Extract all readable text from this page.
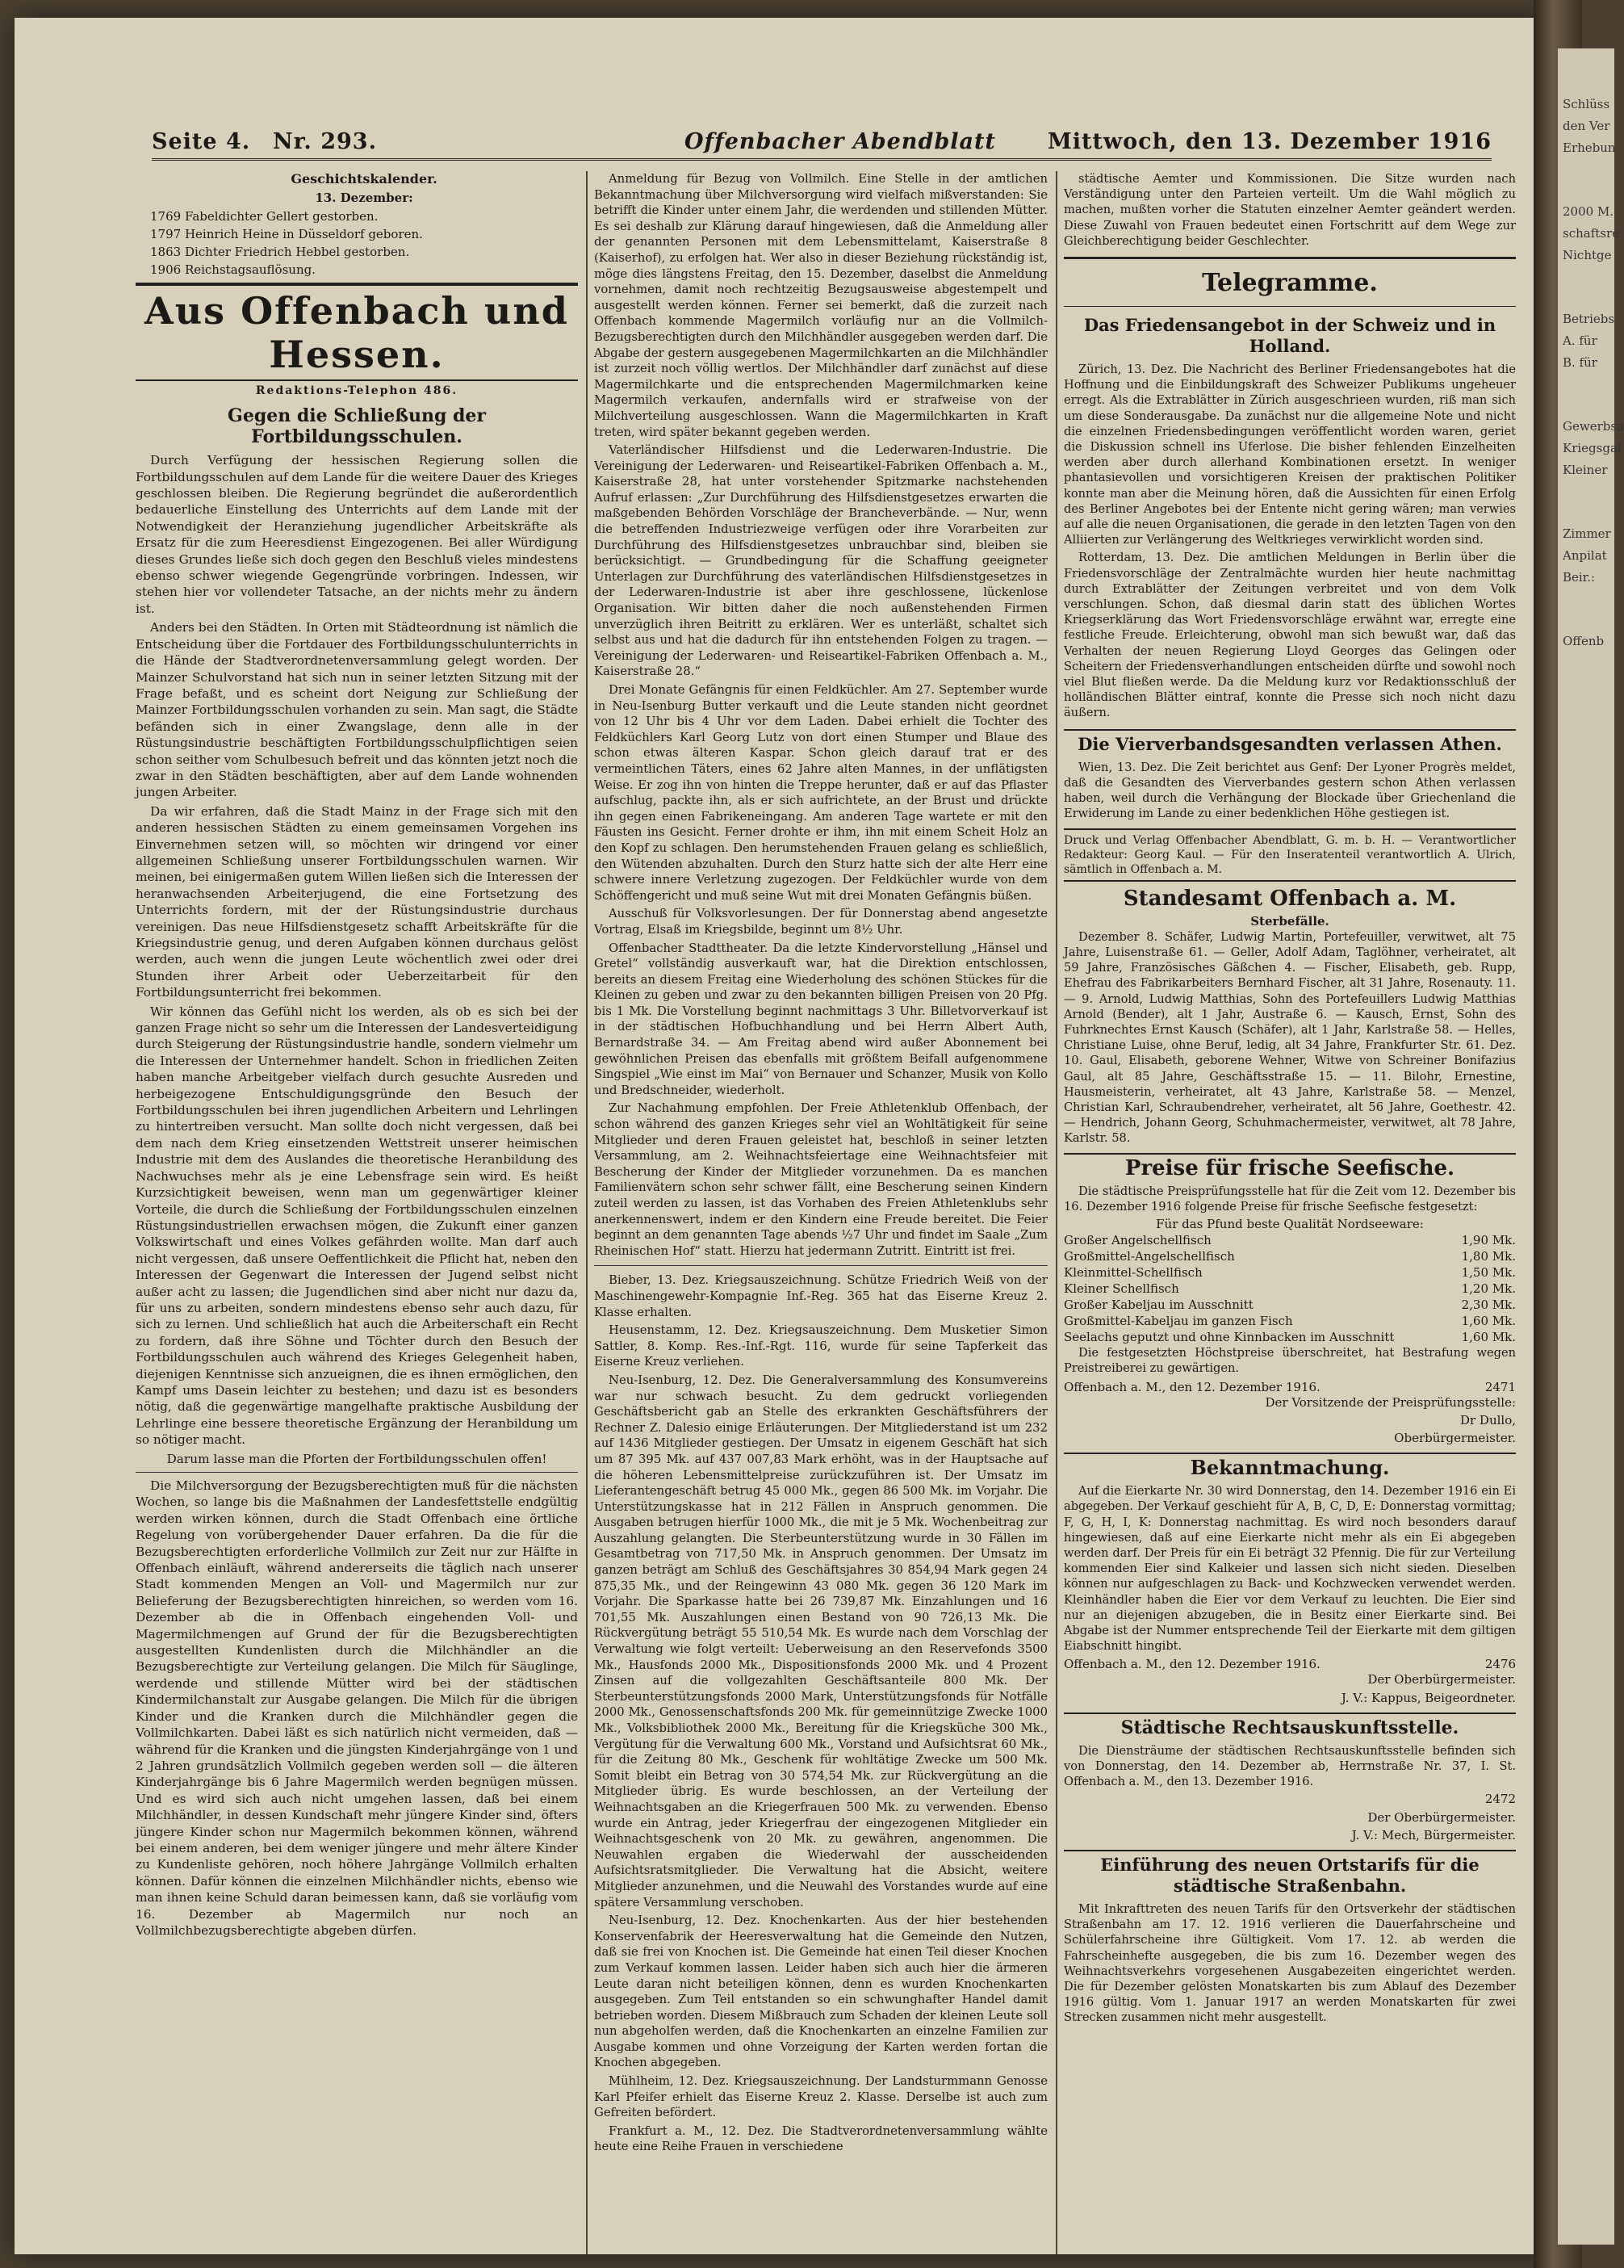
Seite 4. Nr. 293.	Offenbacher Abendblatt Mittwoch, den 13. Dezember 1916

Geschichtskalender.

13. Dezember:

1769 Fabeldichter Gellert gestorben.

1797 Heinrich Heine in Düsseldorf geboren.

1863 Dichter Friedrich Hebbel gestorben.

1906 Reichstagsauflösung.

Aus Offenbach und Hessen.
Redaktions-Telephon 486.
Gegen die Schließung der Fortbildungsschulen.

Durch Verfügung der hessischen Regierung sollen die Fortbildungsschulen auf dem Lande für die weitere Dauer des Krieges geschlossen bleiben. Die Regierung begründet die außerordentlich bedauerliche Einstellung des Unterrichts auf dem Lande mit der Notwendigkeit der Heranziehung jugendlicher Arbeitskräfte als Ersatz für die zum Heeresdienst Eingezogenen. Bei aller Würdigung dieses Grundes ließe sich doch gegen den Beschluß vieles mindestens ebenso schwer wiegende Gegengründe vorbringen. Indessen, wir stehen hier vor vollendeter Tatsache, an der nichts mehr zu ändern ist.

Anders bei den Städten. In Orten mit Städteordnung ist nämlich die Entscheidung über die Fortdauer des Fortbildungsschulunterrichts in die Hände der Stadtverordnetenversammlung gelegt worden. Der Mainzer Schulvorstand hat sich nun in seiner letzten Sitzung mit der Frage befaßt, und es scheint dort Neigung zur Schließung der Mainzer Fortbildungsschulen vorhanden zu sein. Man sagt, die Städte befänden sich in einer Zwangslage, denn alle in der Rüstungsindustrie beschäftigten Fortbildungsschulpflichtigen seien schon seither vom Schulbesuch befreit und das könnten jetzt noch die zwar in den Städten beschäftigten, aber auf dem Lande wohnenden jungen Arbeiter.

Da wir erfahren, daß die Stadt Mainz in der Frage sich mit den anderen hessischen Städten zu einem gemeinsamen Vorgehen ins Einvernehmen setzen will, so möchten wir dringend vor einer allgemeinen Schließung unserer Fortbildungsschulen warnen. Wir meinen, bei einigermaßen gutem Willen ließen sich die Interessen der heranwachsenden Arbeiterjugend, die eine Fortsetzung des Unterrichts fordern, mit der der Rüstungsindustrie durchaus vereinigen. Das neue Hilfsdienstgesetz schafft Arbeitskräfte für die Kriegsindustrie genug, und deren Aufgaben können durchaus gelöst werden, auch wenn die jungen Leute wöchentlich zwei oder drei Stunden ihrer Arbeit oder Ueberzeitarbeit für den Fortbildungsunterricht frei bekommen.

Wir können das Gefühl nicht los werden, als ob es sich bei der ganzen Frage nicht so sehr um die Interessen der Landesverteidigung durch Steigerung der Rüstungsindustrie handle, sondern vielmehr um die Interessen der Unternehmer handelt. Schon in friedlichen Zeiten haben manche Arbeitgeber vielfach durch gesuchte Ausreden und herbeigezogene Entschuldigungsgründe den Besuch der Fortbildungsschulen bei ihren jugendlichen Arbeitern und Lehrlingen zu hintertreiben versucht. Man sollte doch nicht vergessen, daß bei dem nach dem Krieg einsetzenden Wettstreit unserer heimischen Industrie mit dem des Auslandes die theoretische Heranbildung des Nachwuchses mehr als je eine Lebensfrage sein wird. Es heißt Kurzsichtigkeit beweisen, wenn man um gegenwärtiger kleiner Vorteile, die durch die Schließung der Fortbildungsschulen einzelnen Rüstungsindustriellen erwachsen mögen, die Zukunft einer ganzen Volkswirtschaft und eines Volkes gefährden wollte. Man darf auch nicht vergessen, daß unsere Oeffentlichkeit die Pflicht hat, neben den Interessen der Gegenwart die Interessen der Jugend selbst nicht außer acht zu lassen; die Jugendlichen sind aber nicht nur dazu da, für uns zu arbeiten, sondern mindestens ebenso sehr auch dazu, für sich zu lernen. Und schließlich hat auch die Arbeiterschaft ein Recht zu fordern, daß ihre Söhne und Töchter durch den Besuch der Fortbildungsschulen auch während des Krieges Gelegenheit haben, diejenigen Kenntnisse sich anzueignen, die es ihnen ermöglichen, den Kampf ums Dasein leichter zu bestehen; und dazu ist es besonders nötig, daß die gegenwärtige mangelhafte praktische Ausbildung der Lehrlinge eine bessere theoretische Ergänzung der Heranbildung um so nötiger macht.

Darum lasse man die Pforten der Fortbildungsschulen offen!

Die Milchversorgung der Bezugsberechtigten muß für die nächsten Wochen, so lange bis die Maßnahmen der Landesfettstelle endgültig werden wirken können, durch die Stadt Offenbach eine örtliche Regelung von vorübergehender Dauer erfahren. Da die für die Bezugsberechtigten erforderliche Vollmilch zur Zeit nur zur Hälfte in Offenbach einläuft, während andererseits die täglich nach unserer Stadt kommenden Mengen an Voll- und Magermilch nur zur Belieferung der Bezugsberechtigten hinreichen, so werden vom 16. Dezember ab die in Offenbach eingehenden Voll- und Magermilchmengen auf Grund der für die Bezugsberechtigten ausgestellten Kundenlisten durch die Milchhändler an die Bezugsberechtigte zur Verteilung gelangen. Die Milch für Säuglinge, werdende und stillende Mütter wird bei der städtischen Kindermilchanstalt zur Ausgabe gelangen. Die Milch für die übrigen Kinder und die Kranken durch die Milchhändler gegen die Vollmilchkarten. Dabei läßt es sich natürlich nicht vermeiden, daß — während für die Kranken und die jüngsten Kinderjahrgänge von 1 und 2 Jahren grundsätzlich Vollmilch gegeben werden soll — die älteren Kinderjahrgänge bis 6 Jahre Magermilch werden begnügen müssen. Und es wird sich auch nicht umgehen lassen, daß bei einem Milchhändler, in dessen Kundschaft mehr jüngere Kinder sind, öfters jüngere Kinder schon nur Magermilch bekommen können, während bei einem anderen, bei dem weniger jüngere und mehr ältere Kinder zu Kundenliste gehören, noch höhere Jahrgänge Vollmilch erhalten können. Dafür können die einzelnen Milchhändler nichts, ebenso wie man ihnen keine Schuld daran beimessen kann, daß sie vorläufig vom 16. Dezember ab Magermilch nur noch an Vollmilchbezugsberechtigte abgeben dürfen.

Anmeldung für Bezug von Vollmilch. Eine Stelle in der amtlichen Bekanntmachung über Milchversorgung wird vielfach mißverstanden: Sie betrifft die Kinder unter einem Jahr, die werdenden und stillenden Mütter. Es sei deshalb zur Klärung darauf hingewiesen, daß die Anmeldung aller der genannten Personen mit dem Lebensmittelamt, Kaiserstraße 8 (Kaiserhof), zu erfolgen hat. Wer also in dieser Beziehung rückständig ist, möge dies längstens Freitag, den 15. Dezember, daselbst die Anmeldung vornehmen, damit noch rechtzeitig Bezugsausweise abgestempelt und ausgestellt werden können. Ferner sei bemerkt, daß die zurzeit nach Offenbach kommende Magermilch vorläufig nur an die Vollmilch-Bezugsberechtigten durch den Milchhändler ausgegeben werden darf. Die Abgabe der gestern ausgegebenen Magermilchkarten an die Milchhändler ist zurzeit noch völlig wertlos. Der Milchhändler darf zunächst auf diese Magermilchkarte und die entsprechenden Magermilchmarken keine Magermilch verkaufen, andernfalls wird er strafweise von der Milchverteilung ausgeschlossen. Wann die Magermilchkarten in Kraft treten, wird später bekannt gegeben werden.

Vaterländischer Hilfsdienst und die Lederwaren-Industrie. Die Vereinigung der Lederwaren- und Reiseartikel-Fabriken Offenbach a. M., Kaiserstraße 28, hat unter vorstehender Spitzmarke nachstehenden Aufruf erlassen: „Zur Durchführung des Hilfsdienstgesetzes erwarten die maßgebenden Behörden Vorschläge der Brancheverbände. — Nur, wenn die betreffenden Industriezweige verfügen oder ihre Vorarbeiten zur Durchführung des Hilfsdienstgesetzes unbrauchbar sind, bleiben sie berücksichtigt. — Grundbedingung für die Schaffung geeigneter Unterlagen zur Durchführung des vaterländischen Hilfsdienstgesetzes in der Lederwaren-Industrie ist aber ihre geschlossene, lückenlose Organisation. Wir bitten daher die noch außenstehenden Firmen unverzüglich ihren Beitritt zu erklären. Wer es unterläßt, schaltet sich selbst aus und hat die dadurch für ihn entstehenden Folgen zu tragen. — Vereinigung der Lederwaren- und Reiseartikel-Fabriken Offenbach a. M., Kaiserstraße 28.“

Drei Monate Gefängnis für einen Feldküchler. Am 27. September wurde in Neu-Isenburg Butter verkauft und die Leute standen nicht geordnet von 12 Uhr bis 4 Uhr vor dem Laden. Dabei erhielt die Tochter des Feldküchlers Karl Georg Lutz von dort einen Stumper und Blaue des schon etwas älteren Kaspar. Schon gleich darauf trat er des vermeintlichen Täters, eines 62 Jahre alten Mannes, in der unflätigsten Weise. Er zog ihn von hinten die Treppe herunter, daß er auf das Pflaster aufschlug, packte ihn, als er sich aufrichtete, an der Brust und drückte ihn gegen einen Fabrikeneingang. Am anderen Tage wartete er mit den Fäusten ins Gesicht. Ferner drohte er ihm, ihn mit einem Scheit Holz an den Kopf zu schlagen. Den herumstehenden Frauen gelang es schließlich, den Wütenden abzuhalten. Durch den Sturz hatte sich der alte Herr eine schwere innere Verletzung zugezogen. Der Feldküchler wurde von dem Schöffengericht und muß seine Wut mit drei Monaten Gefängnis büßen.

Ausschuß für Volksvorlesungen. Der für Donnerstag abend angesetzte Vortrag, Elsaß im Kriegsbilde, beginnt um 8½ Uhr.

Offenbacher Stadttheater. Da die letzte Kindervorstellung „Hänsel und Gretel“ vollständig ausverkauft war, hat die Direktion entschlossen, bereits an diesem Freitag eine Wiederholung des schönen Stückes für die Kleinen zu geben und zwar zu den bekannten billigen Preisen von 20 Pfg. bis 1 Mk. Die Vorstellung beginnt nachmittags 3 Uhr. Billetvorverkauf ist in der städtischen Hofbuchhandlung und bei Herrn Albert Auth, Bernardstraße 34. — Am Freitag abend wird außer Abonnement bei gewöhnlichen Preisen das ebenfalls mit größtem Beifall aufgenommene Singspiel „Wie einst im Mai“ von Bernauer und Schanzer, Musik von Kollo und Bredschneider, wiederholt.

Zur Nachahmung empfohlen. Der Freie Athletenklub Offenbach, der schon während des ganzen Krieges sehr viel an Wohltätigkeit für seine Mitglieder und deren Frauen geleistet hat, beschloß in seiner letzten Versammlung, am 2. Weihnachtsfeiertage eine Weihnachtsfeier mit Bescherung der Kinder der Mitglieder vorzunehmen. Da es manchen Familienvätern schon sehr schwer fällt, eine Bescherung seinen Kindern zuteil werden zu lassen, ist das Vorhaben des Freien Athletenklubs sehr anerkennenswert, indem er den Kindern eine Freude bereitet. Die Feier beginnt an dem genannten Tage abends ½7 Uhr und findet im Saale „Zum Rheinischen Hof“ statt. Hierzu hat jedermann Zutritt. Eintritt ist frei.

Bieber, 13. Dez. Kriegsauszeichnung. Schütze Friedrich Weiß von der Maschinengewehr-Kompagnie Inf.-Reg. 365 hat das Eiserne Kreuz 2. Klasse erhalten.

Heusenstamm, 12. Dez. Kriegsauszeichnung. Dem Musketier Simon Sattler, 8. Komp. Res.-Inf.-Rgt. 116, wurde für seine Tapferkeit das Eiserne Kreuz verliehen.

Neu-Isenburg, 12. Dez. Die Generalversammlung des Konsumvereins war nur schwach besucht. Zu dem gedruckt vorliegenden Geschäftsbericht gab an Stelle des erkrankten Geschäftsführers der Rechner Z. Dalesio einige Erläuterungen. Der Mitgliederstand ist um 232 auf 1436 Mitglieder gestiegen. Der Umsatz in eigenem Geschäft hat sich um 87 395 Mk. auf 437 007,83 Mark erhöht, was in der Hauptsache auf die höheren Lebensmittelpreise zurückzuführen ist. Der Umsatz im Lieferantengeschäft betrug 45 000 Mk., gegen 86 500 Mk. im Vorjahr. Die Unterstützungskasse hat in 212 Fällen in Anspruch genommen. Die Ausgaben betrugen hierfür 1000 Mk., die mit je 5 Mk. Wochenbeitrag zur Auszahlung gelangten. Die Sterbeunterstützung wurde in 30 Fällen im Gesamtbetrag von 717,50 Mk. in Anspruch genommen. Der Umsatz im ganzen beträgt am Schluß des Geschäftsjahres 30 854,94 Mark gegen 24 875,35 Mk., und der Reingewinn 43 080 Mk. gegen 36 120 Mark im Vorjahr. Die Sparkasse hatte bei 26 739,87 Mk. Einzahlungen und 16 701,55 Mk. Auszahlungen einen Bestand von 90 726,13 Mk. Die Rückvergütung beträgt 55 510,54 Mk. Es wurde nach dem Vorschlag der Verwaltung wie folgt verteilt: Ueberweisung an den Reservefonds 3500 Mk., Hausfonds 2000 Mk., Dispositionsfonds 2000 Mk. und 4 Prozent Zinsen auf die vollgezahlten Geschäftsanteile 800 Mk. Der Sterbeunterstützungsfonds 2000 Mark, Unterstützungsfonds für Notfälle 2000 Mk., Genossenschaftsfonds 200 Mk. für gemeinnützige Zwecke 1000 Mk., Volksbibliothek 2000 Mk., Bereitung für die Kriegsküche 300 Mk., Vergütung für die Verwaltung 600 Mk., Vorstand und Aufsichtsrat 60 Mk., für die Zeitung 80 Mk., Geschenk für wohltätige Zwecke um 500 Mk. Somit bleibt ein Betrag von 30 574,54 Mk. zur Rückvergütung an die Mitglieder übrig. Es wurde beschlossen, an der Verteilung der Weihnachtsgaben an die Kriegerfrauen 500 Mk. zu verwenden. Ebenso wurde ein Antrag, jeder Kriegerfrau der eingezogenen Mitglieder ein Weihnachtsgeschenk von 20 Mk. zu gewähren, angenommen. Die Neuwahlen ergaben die Wiederwahl der ausscheidenden Aufsichtsratsmitglieder. Die Verwaltung hat die Absicht, weitere Mitglieder anzunehmen, und die Neuwahl des Vorstandes wurde auf eine spätere Versammlung verschoben.

Neu-Isenburg, 12. Dez. Knochenkarten. Aus der hier bestehenden Konservenfabrik der Heeresverwaltung hat die Gemeinde den Nutzen, daß sie frei von Knochen ist. Die Gemeinde hat einen Teil dieser Knochen zum Verkauf kommen lassen. Leider haben sich auch hier die ärmeren Leute daran nicht beteiligen können, denn es wurden Knochenkarten ausgegeben. Zum Teil entstanden so ein schwunghafter Handel damit betrieben worden. Diesem Mißbrauch zum Schaden der kleinen Leute soll nun abgeholfen werden, daß die Knochenkarten an einzelne Familien zur Ausgabe kommen und ohne Vorzeigung der Karten werden fortan die Knochen abgegeben.

Mühlheim, 12. Dez. Kriegsauszeichnung. Der Landsturmmann Genosse Karl Pfeifer erhielt das Eiserne Kreuz 2. Klasse. Derselbe ist auch zum Gefreiten befördert.

Frankfurt a. M., 12. Dez. Die Stadtverordnetenversammlung wählte heute eine Reihe Frauen in verschiedene

städtische Aemter und Kommissionen. Die Sitze wurden nach Verständigung unter den Parteien verteilt. Um die Wahl möglich zu machen, mußten vorher die Statuten einzelner Aemter geändert werden. Diese Zuwahl von Frauen bedeutet einen Fortschritt auf dem Wege zur Gleichberechtigung beider Geschlechter.

Telegramme.
Das Friedensangebot in der Schweiz und in Holland.

Zürich, 13. Dez. Die Nachricht des Berliner Friedensangebotes hat die Hoffnung und die Einbildungskraft des Schweizer Publikums ungeheuer erregt. Als die Extrablätter in Zürich ausgeschrieen wurden, riß man sich um diese Sonderausgabe. Da zunächst nur die allgemeine Note und nicht die einzelnen Friedensbedingungen veröffentlicht worden waren, geriet die Diskussion schnell ins Uferlose. Die bisher fehlenden Einzelheiten werden aber durch allerhand Kombinationen ersetzt. In weniger phantasievollen und vorsichtigeren Kreisen der praktischen Politiker konnte man aber die Meinung hören, daß die Aussichten für einen Erfolg des Berliner Angebotes bei der Entente nicht gering wären; man verwies auf alle die neuen Organisationen, die gerade in den letzten Tagen von den Alliierten zur Verlängerung des Weltkrieges verwirklicht worden sind.

Rotterdam, 13. Dez. Die amtlichen Meldungen in Berlin über die Friedensvorschläge der Zentralmächte wurden hier heute nachmittag durch Extrablätter der Zeitungen verbreitet und von dem Volk verschlungen. Schon, daß diesmal darin statt des üblichen Wortes Kriegserklärung das Wort Friedensvorschläge erwähnt war, erregte eine festliche Freude. Erleichterung, obwohl man sich bewußt war, daß das Verhalten der neuen Regierung Lloyd Georges das Gelingen oder Scheitern der Friedensverhandlungen entscheiden dürfte und sowohl noch viel Blut fließen werde. Da die Meldung kurz vor Redaktionsschluß der holländischen Blätter eintraf, konnte die Presse sich noch nicht dazu äußern.

Die Vierverbandsgesandten verlassen Athen.

Wien, 13. Dez. Die Zeit berichtet aus Genf: Der Lyoner Progrès meldet, daß die Gesandten des Vierverbandes gestern schon Athen verlassen haben, weil durch die Verhängung der Blockade über Griechenland die Erwiderung im Lande zu einer bedenklichen Höhe gestiegen ist.

Druck und Verlag Offenbacher Abendblatt, G. m. b. H. — Verantwortlicher Redakteur: Georg Kaul. — Für den Inseratenteil verantwortlich A. Ulrich, sämtlich in Offenbach a. M.
Standesamt Offenbach a. M.
Sterbefälle.

Dezember 8. Schäfer, Ludwig Martin, Portefeuiller, verwitwet, alt 75 Jahre, Luisenstraße 61. — Geller, Adolf Adam, Taglöhner, verheiratet, alt 59 Jahre, Französisches Gäßchen 4. — Fischer, Elisabeth, geb. Rupp, Ehefrau des Fabrikarbeiters Bernhard Fischer, alt 31 Jahre, Rosenauty. 11. — 9. Arnold, Ludwig Matthias, Sohn des Portefeuillers Ludwig Matthias Arnold (Bender), alt 1 Jahr, Austraße 6. — Kausch, Ernst, Sohn des Fuhrknechtes Ernst Kausch (Schäfer), alt 1 Jahr, Karlstraße 58. — Helles, Christiane Luise, ohne Beruf, ledig, alt 34 Jahre, Frankfurter Str. 61. Dez. 10. Gaul, Elisabeth, geborene Wehner, Witwe von Schreiner Bonifazius Gaul, alt 85 Jahre, Geschäftsstraße 15. — 11. Bilohr, Ernestine, Hausmeisterin, verheiratet, alt 43 Jahre, Karlstraße 58. — Menzel, Christian Karl, Schraubendreher, verheiratet, alt 56 Jahre, Goethestr. 42. — Hendrich, Johann Georg, Schuhmachermeister, verwitwet, alt 78 Jahre, Karlstr. 58.

Preise für frische Seefische.

Die städtische Preisprüfungsstelle hat für die Zeit vom 12. Dezember bis 16. Dezember 1916 folgende Preise für frische Seefische festgesetzt:

Für das Pfund beste Qualität Nordseeware:
Großer Angelschellfisch	1,90 Mk.
Großmittel-Angelschellfisch	1,80 Mk.
Kleinmittel-Schellfisch	1,50 Mk.
Kleiner Schellfisch	1,20 Mk.
Großer Kabeljau im Ausschnitt	2,30 Mk.
Großmittel-Kabeljau im ganzen Fisch	1,60 Mk.
Seelachs geputzt und ohne Kinnbacken im Ausschnitt	1,60 Mk.

Die festgesetzten Höchstpreise überschreitet, hat Bestrafung wegen Preistreiberei zu gewärtigen.

Offenbach a. M., den 12. Dezember 1916.	2471

Der Vorsitzende der Preisprüfungsstelle:

Dr Dullo,

Oberbürgermeister.

Bekanntmachung.

Auf die Eierkarte Nr. 30 wird Donnerstag, den 14. Dezember 1916 ein Ei abgegeben. Der Verkauf geschieht für A, B, C, D, E: Donnerstag vormittag; F, G, H, I, K: Donnerstag nachmittag. Es wird noch besonders darauf hingewiesen, daß auf eine Eierkarte nicht mehr als ein Ei abgegeben werden darf. Der Preis für ein Ei beträgt 32 Pfennig. Die für zur Verteilung kommenden Eier sind Kalkeier und lassen sich nicht sieden. Dieselben können nur aufgeschlagen zu Back- und Kochzwecken verwendet werden. Kleinhändler haben die Eier vor dem Verkauf zu leuchten. Die Eier sind nur an diejenigen abzugeben, die in Besitz einer Eierkarte sind. Bei Abgabe ist der Nummer entsprechende Teil der Eierkarte mit dem giltigen Eiabschnitt hingibt.

Offenbach a. M., den 12. Dezember 1916.	2476

Der Oberbürgermeister.

J. V.: Kappus, Beigeordneter.

Städtische Rechtsauskunftsstelle.

Die Diensträume der städtischen Rechtsauskunftsstelle befinden sich von Donnerstag, den 14. Dezember ab, Herrnstraße Nr. 37, I. St. Offenbach a. M., den 13. Dezember 1916.

2472

Der Oberbürgermeister.

J. V.: Mech, Bürgermeister.

Einführung des neuen Ortstarifs für die städtische Straßenbahn.

Mit Inkrafttreten des neuen Tarifs für den Ortsverkehr der städtischen Straßenbahn am 17. 12. 1916 verlieren die Dauerfahrscheine und Schülerfahrscheine ihre Gültigkeit. Vom 17. 12. ab werden die Fahrscheinhefte ausgegeben, die bis zum 16. Dezember wegen des Weihnachtsverkehrs vorgesehenen Ausgabezeiten eingerichtet werden. Die für Dezember gelösten Monatskarten bis zum Ablauf des Dezember 1916 gültig. Vom 1. Januar 1917 an werden Monatskarten für zwei Strecken zusammen nicht mehr ausgestellt.

Schlüss
den Ver
Erhebun
2000 M.
schaftsre
Nichtge
Betriebs
A. für
B. für
Gewerbsa
Kriegsgal
Kleiner
Zimmer
Anpilat
Beir.:
Offenb
